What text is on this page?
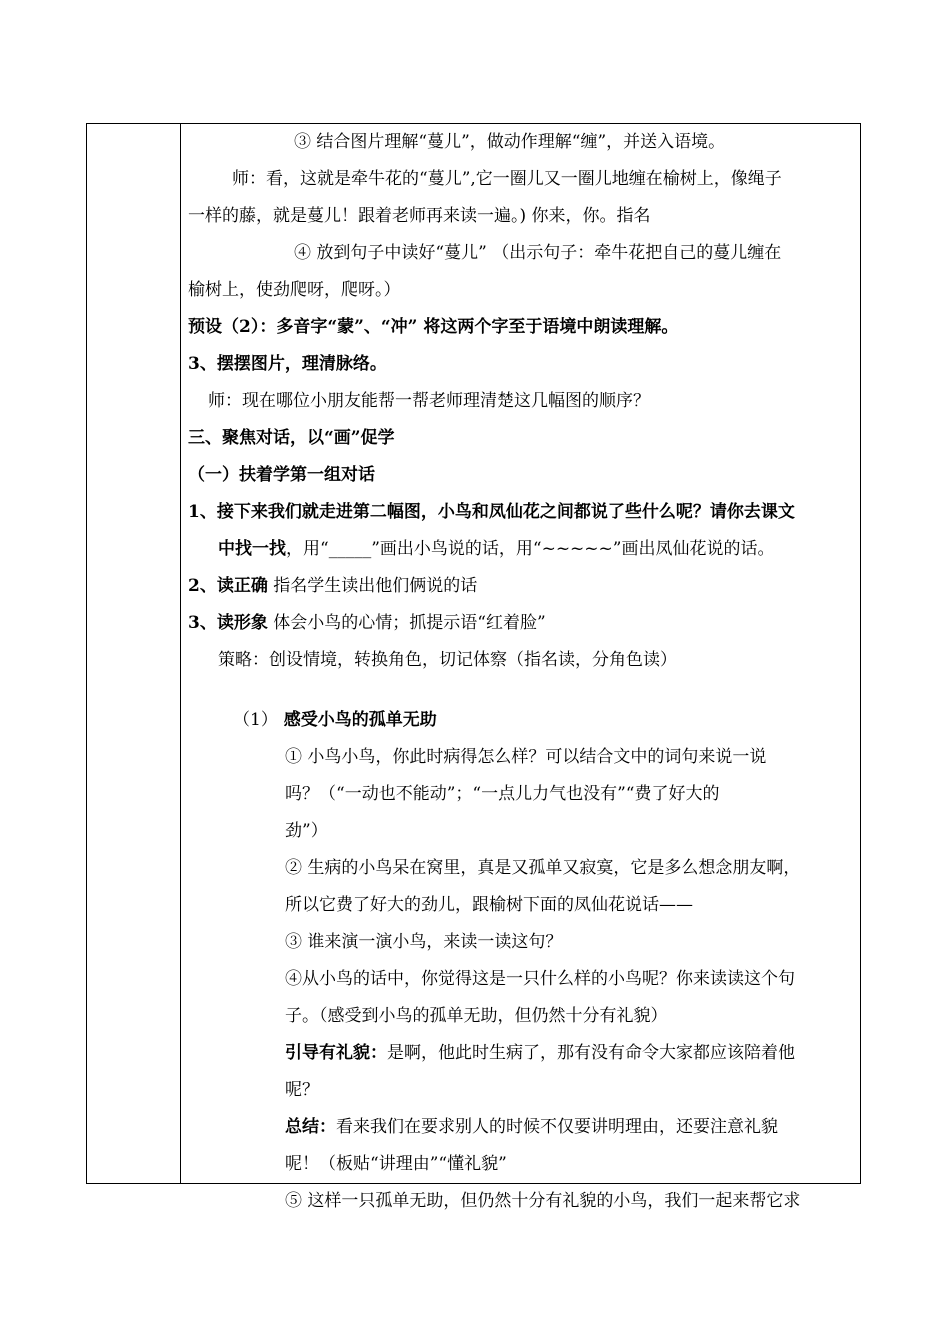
③ 结合图片理解“蔓儿”，做动作理解“缠”，并送入语境。

师：看，这就是牵牛花的“蔓儿”,它一圈儿又一圈儿地缠在榆树上，像绳子

一样的藤，就是蔓儿！跟着老师再来读一遍。) 你来，你。指名

④ 放到句子中读好“蔓儿” （出示句子：牵牛花把自己的蔓儿缠在

榆树上，使劲爬呀，爬呀。）

预设（2）：多音字“蒙”、“冲” 将这两个字至于语境中朗读理解。

3、摆摆图片，理清脉络。

师：现在哪位小朋友能帮一帮老师理清楚这几幅图的顺序？

三、聚焦对话，以“画”促学

（一）扶着学第一组对话

1、接下来我们就走进第二幅图，小鸟和凤仙花之间都说了些什么呢？请你去课文

中找一找，用“_____”画出小鸟说的话，用“~~~~~”画出凤仙花说的话。

2、读正确 指名学生读出他们俩说的话

3、读形象 体会小鸟的心情；抓提示语“红着脸”

策略：创设情境，转换角色，切记体察（指名读，分角色读）

（1） 感受小鸟的孤单无助

① 小鸟小鸟，你此时病得怎么样？可以结合文中的词句来说一说

吗？（“一动也不能动”；“一点儿力气也没有”“费了好大的

劲”）

② 生病的小鸟呆在窝里，真是又孤单又寂寞，它是多么想念朋友啊，

所以它费了好大的劲儿，跟榆树下面的凤仙花说话——

③ 谁来演一演小鸟，来读一读这句？

④从小鸟的话中，你觉得这是一只什么样的小鸟呢？你来读读这个句

子。（感受到小鸟的孤单无助，但仍然十分有礼貌）

引导有礼貌：是啊，他此时生病了，那有没有命令大家都应该陪着他

呢？

总结：看来我们在要求别人的时候不仅要讲明理由，还要注意礼貌

呢！（板贴“讲理由”“懂礼貌”

⑤ 这样一只孤单无助，但仍然十分有礼貌的小鸟，我们一起来帮它求
